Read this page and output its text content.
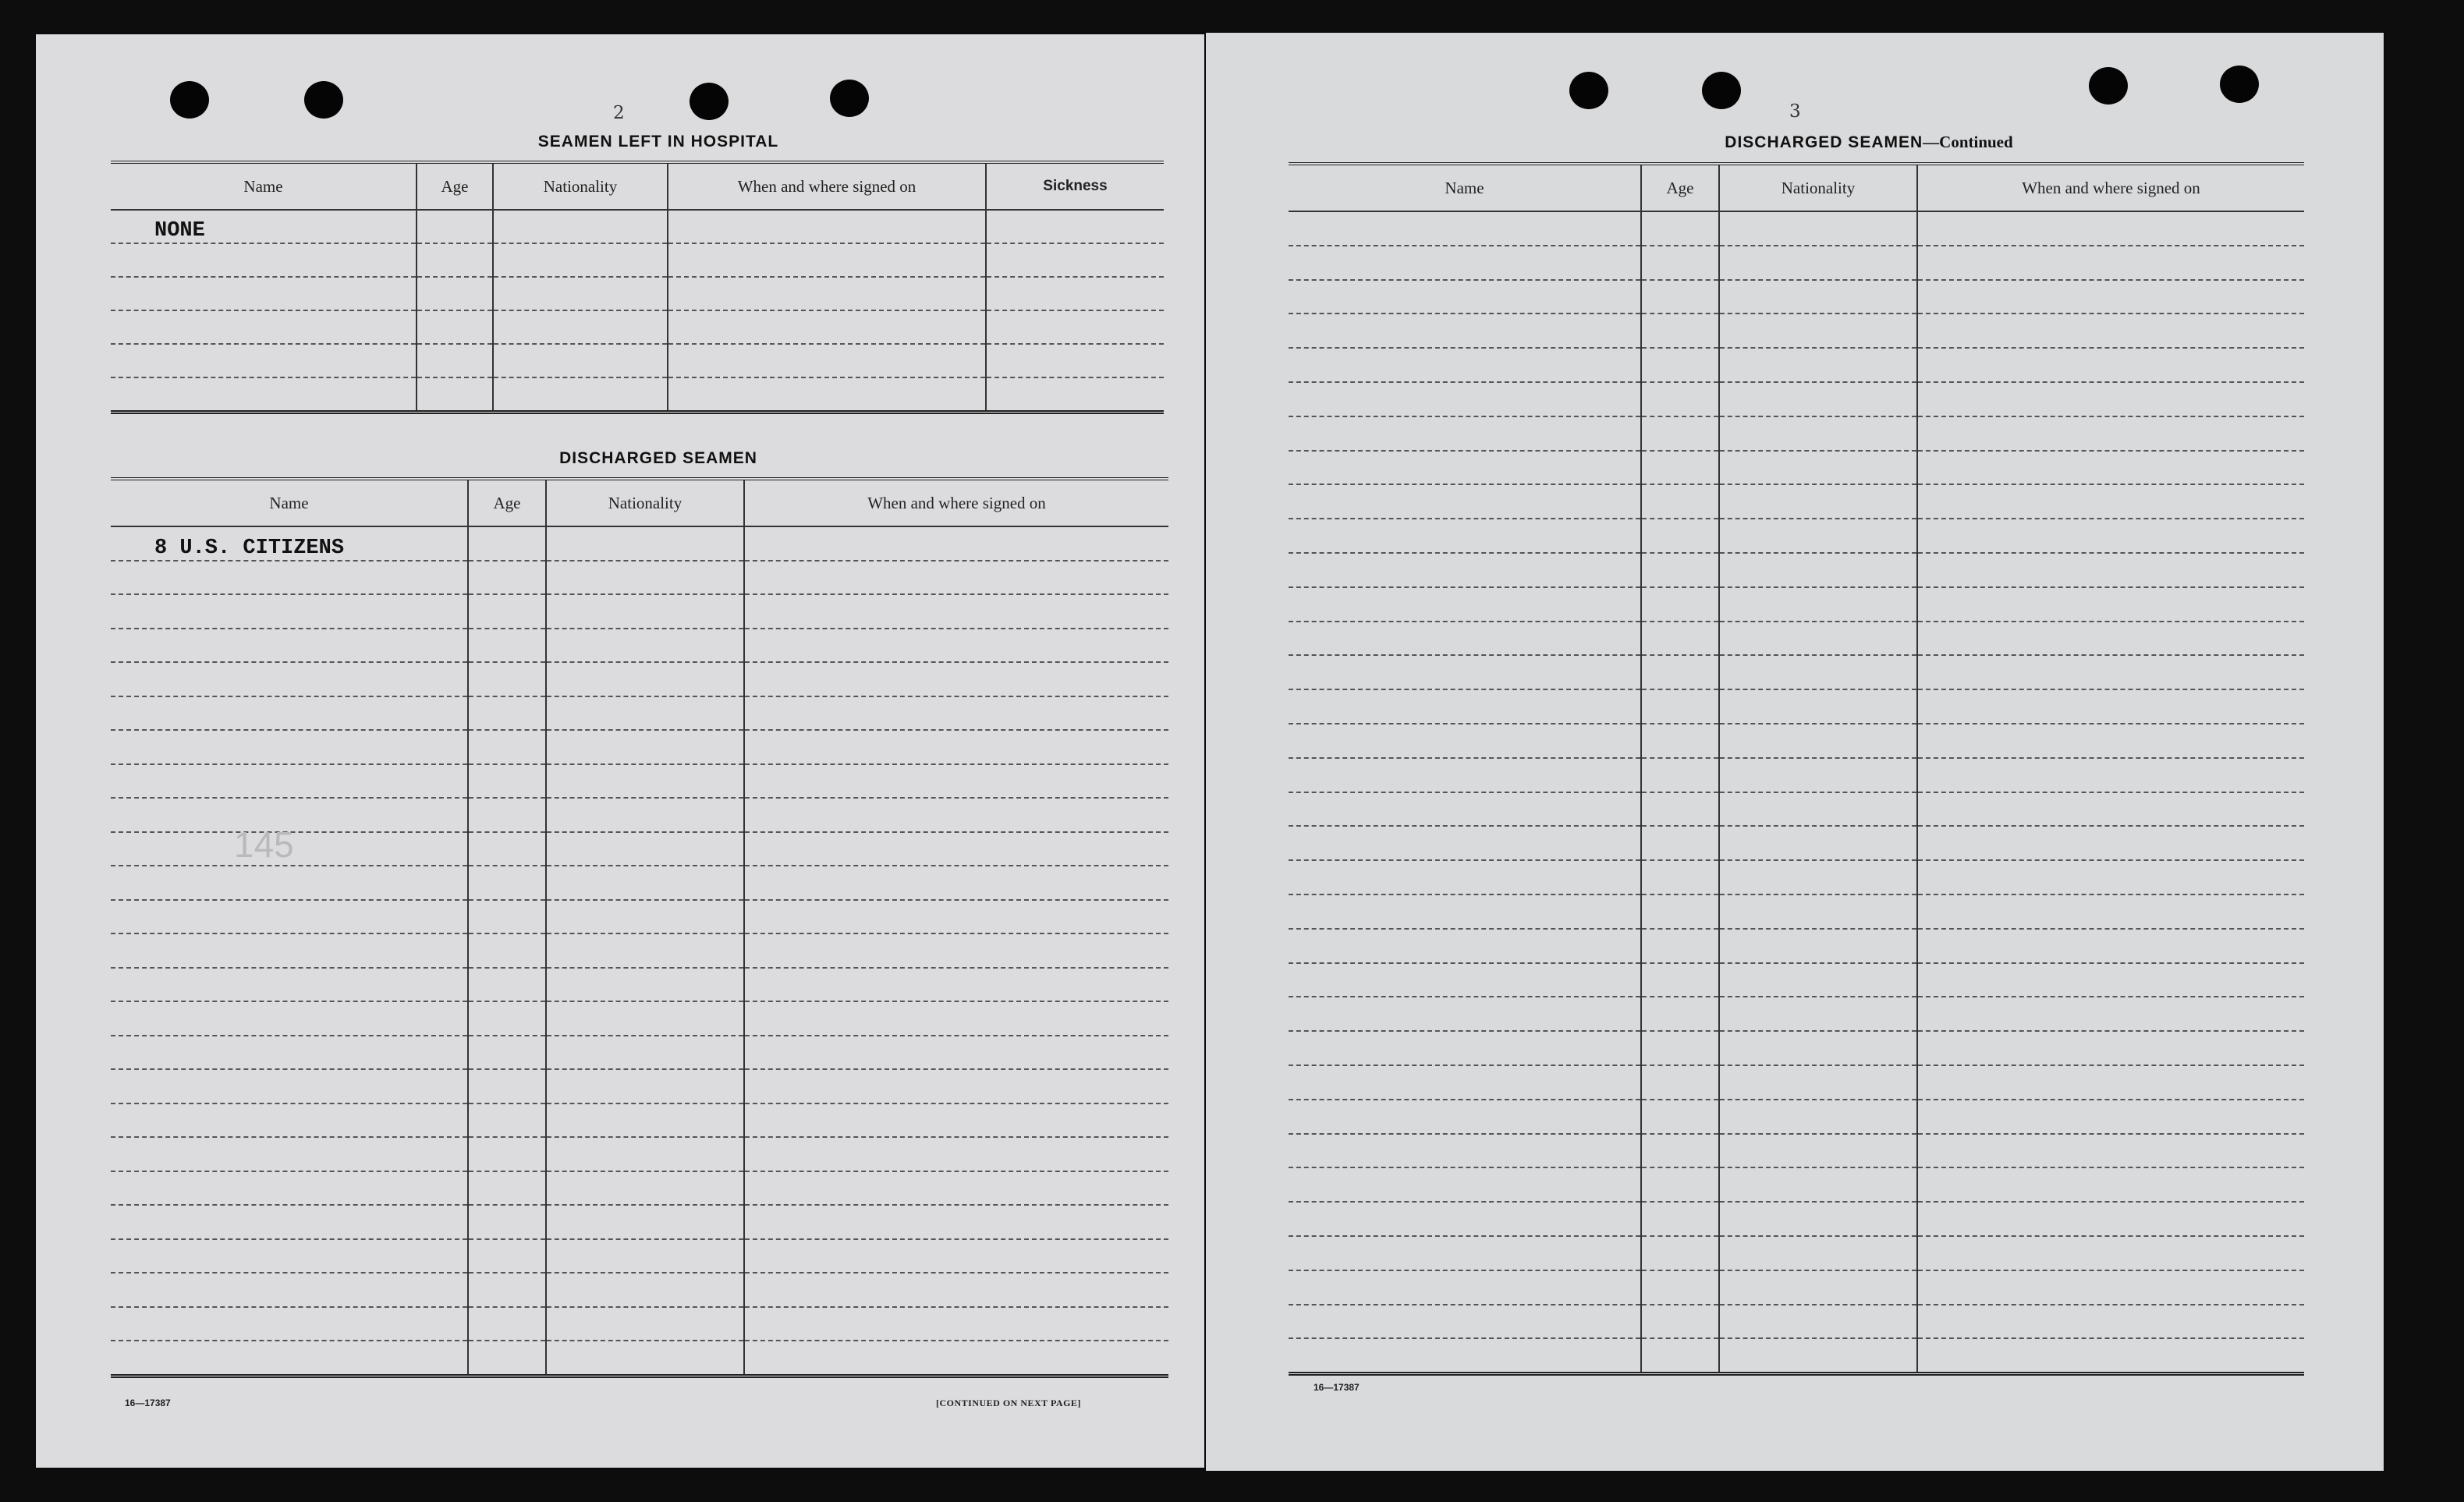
2
SEAMEN LEFT IN HOSPITAL
Name	Age	Nationality	When and where signed on	Sickness
NONE				

DISCHARGED SEAMEN
Name	Age	Nationality	When and where signed on
8 U.S. CITIZENS			

145
16—17387	[CONTINUED ON NEXT PAGE]
3
DISCHARGED SEAMEN—Continued
Name	Age	Nationality	When and where signed on

16—17387
